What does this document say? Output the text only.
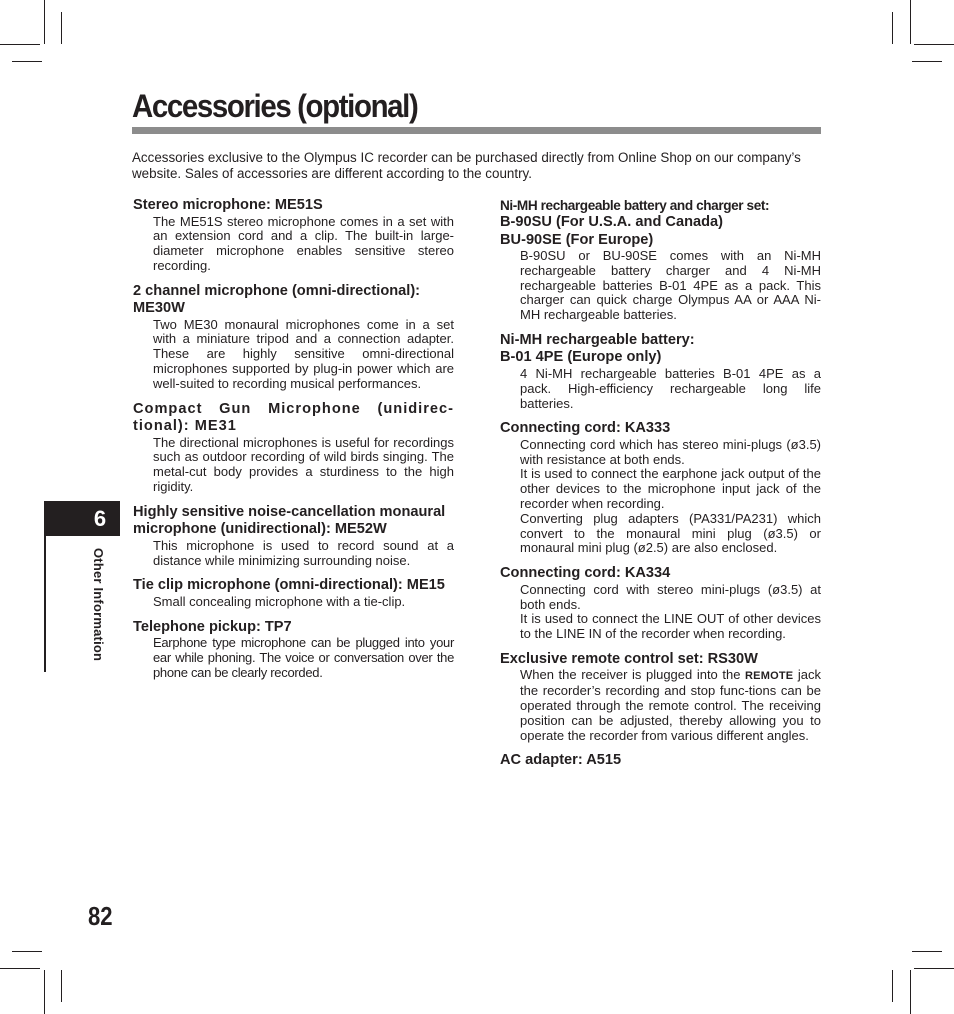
Accessories (optional)
Accessories exclusive to the Olympus IC recorder can be purchased directly from Online Shop on our company’s website. Sales of accessories are different according to the country.
6
Other Information
Stereo microphone: ME51S
The ME51S stereo microphone comes in a set with an extension cord and a clip. The built-in large-diameter microphone enables sensitive stereo recording.
2 channel microphone (omni-directional): ME30W
Two ME30 monaural microphones come in a set with a miniature tripod and a connection adapter. These are highly sensitive omni-directional microphones supported by plug-in power which are well-suited to recording musical performances.
Compact Gun Microphone (unidirec-tional): ME31
The directional microphones is useful for recordings such as outdoor recording of wild birds singing. The metal-cut body provides a sturdiness to the high rigidity.
Highly sensitive noise-cancellation monaural microphone (unidirectional): ME52W
This microphone is used to record sound at a distance while minimizing surrounding noise.
Tie clip microphone (omni-directional): ME15
Small concealing microphone with a tie-clip.
Telephone pickup: TP7
Earphone type microphone can be plugged into your ear while phoning. The voice or conversation over the phone can be clearly recorded.
Ni-MH rechargeable battery and charger set:
B-90SU (For U.S.A. and Canada)
BU-90SE (For Europe)
B-90SU or BU-90SE comes with an Ni-MH rechargeable battery charger and 4 Ni-MH rechargeable batteries B-01 4PE as a pack. This charger can quick charge Olympus AA or AAA Ni-MH rechargeable batteries.
Ni-MH rechargeable battery:
B-01 4PE (Europe only)
4 Ni-MH rechargeable batteries B-01 4PE as a pack. High-efficiency rechargeable long life batteries.
Connecting cord: KA333
Connecting cord which has stereo mini-plugs (ø3.5) with resistance at both ends.
It is used to connect the earphone jack output of the other devices to the microphone input jack of the recorder when recording.
Converting plug adapters (PA331/PA231) which convert to the monaural mini plug (ø3.5) or monaural mini plug (ø2.5) are also enclosed.
Connecting cord: KA334
Connecting cord with stereo mini-plugs (ø3.5) at both ends.
It is used to connect the LINE OUT of other devices to the LINE IN of the recorder when recording.
Exclusive remote control set: RS30W
When the receiver is plugged into the REMOTE jack the recorder’s recording and stop func-tions can be operated through the remote control. The receiving position can be adjusted, thereby allowing you to operate the recorder from various different angles.
AC adapter: A515
82
